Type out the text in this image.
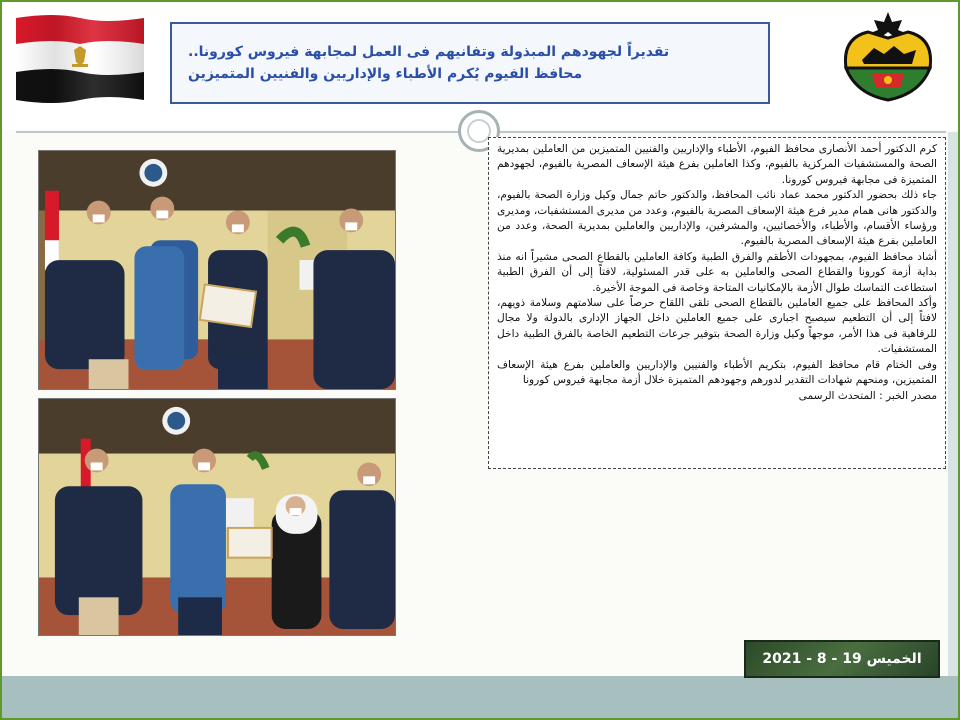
تقديراً لجهودهم المبذولة وتفانيهم فى العمل لمجابهة فيروس كورونا..
محافظ الفيوم يُكرم الأطباء والإداريين والفنيين المتميزين

كرم الدكتور أحمد الأنصارى محافظ الفيوم، الأطباء والإداريين والفنيين المتميزين من العاملين بمديرية الصحة والمستشفيات المركزية بالفيوم، وكذا العاملين بفرع هيئة الإسعاف المصرية بالفيوم، لجهودهم المتميزة فى مجابهة فيروس كورونا.

جاء ذلك بحضور الدكتور محمد عماد نائب المحافظ، والدكتور حاتم جمال وكيل وزارة الصحة بالفيوم، والدكتور هانى همام مدير فرع هيئة الإسعاف المصرية بالفيوم، وعدد من مديرى المستشفيات، ومديرى ورؤساء الأقسام، والأطباء، والأخصائيين، والمشرفين، والإداريين والعاملين بمديرية الصحة، وعدد من العاملين بفرع هيئة الإسعاف المصرية بالفيوم.

أشاد محافظ الفيوم، بمجهودات الأطقم والفرق الطبية وكافة العاملين بالقطاع الصحى مشيراً انه منذ بداية أزمة كورونا والقطاع الصحى والعاملين به على قدر المسئولية، لافتاً إلى أن الفرق الطبية استطاعت التماسك طوال الأزمة بالإمكانيات المتاحة وخاصة فى الموجة الأخيرة.

وأكد المحافظ على جميع العاملين بالقطاع الصحى تلقى اللقاح حرصاً على سلامتهم وسلامة ذويهم، لافتاً إلى أن التطعيم سيصبح اجبارى على جميع العاملين داخل الجهاز الإدارى بالدولة ولا مجال للرفاهية فى هذا الأمر، موجهاً وكيل وزارة الصحة بتوفير جرعات التطعيم الخاصة بالفرق الطبية داخل المستشفيات.

وفى الختام قام محافظ الفيوم، بتكريم الأطباء والفنيين والإداريين والعاملين بفرع هيئة الإسعاف المتميزين، ومنحهم شهادات التقدير لدورهم وجهودهم المتميزة خلال أزمة مجابهة فيروس كورونا

مصدر الخبر : المتحدث الرسمى

الخميس 19 - 8 - 2021
